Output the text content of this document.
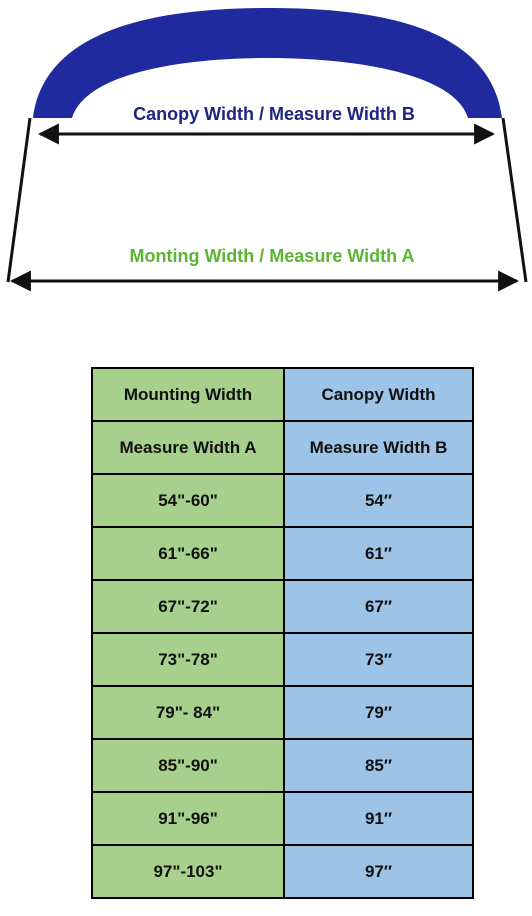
Canopy Width / Measure Width B
Monting Width / Measure Width A
Mounting Width	Canopy Width
Measure Width A	Measure Width B
54"-60"	54″
61"-66"	61″
67"-72"	67″
73"-78"	73″
79"- 84"	79″
85"-90"	85″
91"-96"	91″
97"-103"	97″
